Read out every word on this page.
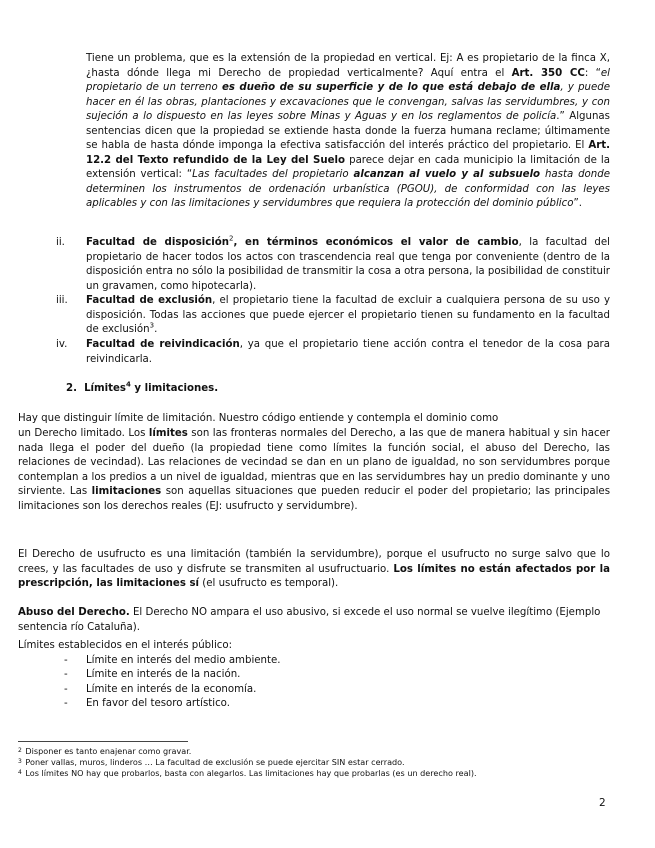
Tiene un problema, que es la extensión de la propiedad en vertical. Ej: A es propietario de la finca X, ¿hasta dónde llega mi Derecho de propiedad verticalmente? Aquí entra el Art. 350 CC: “el propietario de un terreno es dueño de su superficie y de lo que está debajo de ella, y puede hacer en él las obras, plantaciones y excavaciones que le convengan, salvas las servidumbres, y con sujeción a lo dispuesto en las leyes sobre Minas y Aguas y en los reglamentos de policía.” Algunas sentencias dicen que la propiedad se extiende hasta donde la fuerza humana reclame; últimamente se habla de hasta dónde imponga la efectiva satisfacción del interés práctico del propietario. El Art. 12.2 del Texto refundido de la Ley del Suelo parece dejar en cada municipio la limitación de la extensión vertical: “Las facultades del propietario alcanzan al vuelo y al subsuelo hasta donde determinen los instrumentos de ordenación urbanística (PGOU), de conformidad con las leyes aplicables y con las limitaciones y servidumbres que requiera la protección del dominio público”.
ii.	Facultad de disposición$^2$, en términos económicos el valor de cambio, la facultad del propietario de hacer todos los actos con trascendencia real que tenga por conveniente (dentro de la disposición entra no sólo la posibilidad de transmitir la cosa a otra persona, la posibilidad de constituir un gravamen, como hipotecarla).
iii.	Facultad de exclusión, el propietario tiene la facultad de excluir a cualquiera persona de su uso y disposición. Todas las acciones que puede ejercer el propietario tienen su fundamento en la facultad de exclusión$^3$.
iv.	Facultad de reivindicación, ya que el propietario tiene acción contra el tenedor de la cosa para reivindicarla.
2. Límites$^4$ y limitaciones.
Hay que distinguir límite de limitación. Nuestro código entiende y contempla el dominio como
un Derecho limitado. Los límites son las fronteras normales del Derecho, a las que de manera habitual y sin hacer nada llega el poder del dueño (la propiedad tiene como límites la función social, el abuso del Derecho, las relaciones de vecindad). Las relaciones de vecindad se dan en un plano de igualdad, no son servidumbres porque contemplan a los predios a un nivel de igualdad, mientras que en las servidumbres hay un predio dominante y uno sirviente. Las limitaciones son aquellas situaciones que pueden reducir el poder del propietario; las principales limitaciones son los derechos reales (EJ: usufructo y servidumbre).
El Derecho de usufructo es una limitación (también la servidumbre), porque el usufructo no surge salvo que lo crees, y las facultades de uso y disfrute se transmiten al usufructuario. Los límites no están afectados por la prescripción, las limitaciones sí (el usufructo es temporal).
Abuso del Derecho. El Derecho NO ampara el uso abusivo, si excede el uso normal se vuelve ilegítimo (Ejemplo sentencia río Cataluña).
Límites establecidos en el interés público:
- Límite en interés del medio ambiente.
- Límite en interés de la nación.
- Límite en interés de la economía.
- En favor del tesoro artístico.
$^2$ Disponer es tanto enajenar como gravar.
$^3$ Poner vallas, muros, linderos … La facultad de exclusión se puede ejercitar SIN estar cerrado.
$^4$ Los límites NO hay que probarlos, basta con alegarlos. Las limitaciones hay que probarlas (es un derecho real).
2
